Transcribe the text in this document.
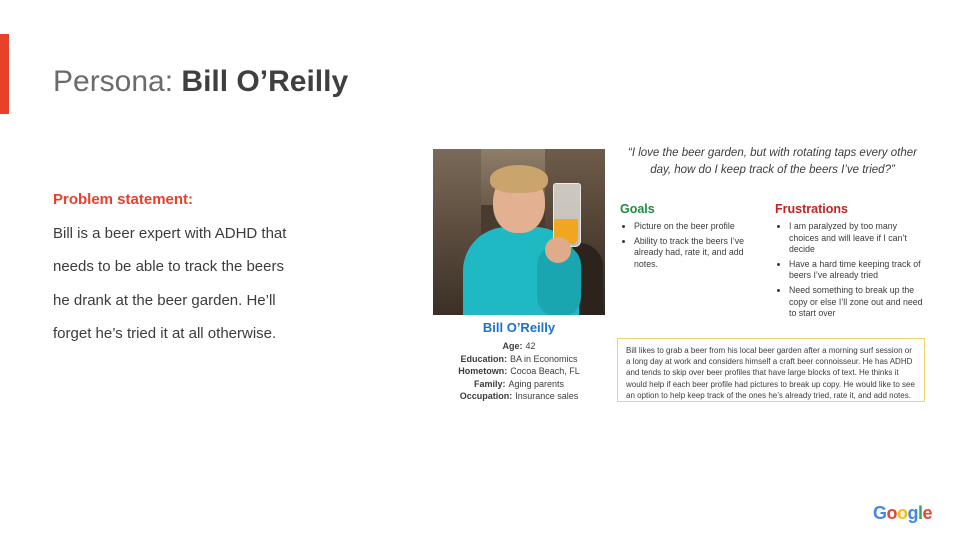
Persona: Bill O’Reilly

Problem statement:

Bill is a beer expert with ADHD that needs to be able to track the beers he drank at the beer garden. He’ll forget he’s tried it at all otherwise.	Bill O’Reilly
Age: 42
Education: BA in Economics
Hometown: Cocoa Beach, FL
Family: Aging parents
Occupation: Insurance sales
“I love the beer garden, but with rotating taps every other day, how do I keep track of the beers I’ve tried?”
Goals
• Picture on the beer profile
• Ability to track the beers I’ve already had, rate it, and add notes.
Frustrations
• I am paralyzed by too many choices and will leave if I can’t decide
• Have a hard time keeping track of beers I’ve already tried
• Need something to break up the copy or else I’ll zone out and need to start over

Bill likes to grab a beer from his local beer garden after a morning surf session or a long day at work and considers himself a craft beer connoisseur. He has ADHD and tends to skip over beer profiles that have large blocks of text. He thinks it would help if each beer profile had pictures to break up copy. He would like to see an option to help keep track of the ones he’s already tried, rate it, and add notes.

Google
